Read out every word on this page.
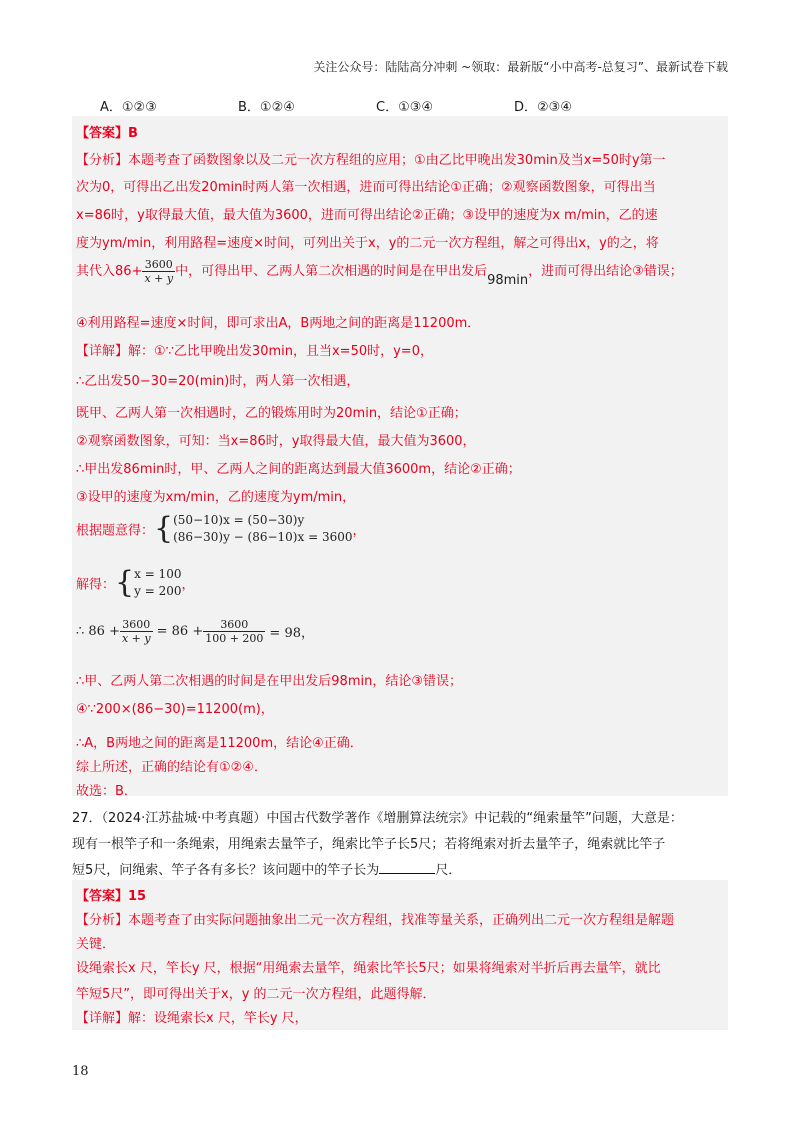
关注公众号：陆陆高分冲刺 ~领取：最新版“小中高考-总复习”、最新试卷下载
A．①②③	B．①②④	C．①③④	D．②③④
【答案】B
【分析】本题考查了函数图象以及二元一次方程组的应用；①由乙比甲晚出发30min及当x=50时y第一
次为0，可得出乙出发20min时两人第一次相遇，进而可得出结论①正确；②观察函数图象，可得出当
x=86时，y取得最大值，最大值为3600，进而可得出结论②正确；③设甲的速度为x m/min，乙的速
度为ym/min，利用路程=速度×时间，可列出关于x，y的二元一次方程组，解之可得出x，y的之，将
其代入$86+ \frac{3600}{x + y}$ 中，可得出甲、乙两人第二次相遇的时间是在甲出发后98min，进而可得出结论③错误；
④利用路程=速度×时间，即可求出A，B两地之间的距离是11200m．
【详解】解：①∵乙比甲晚出发30min，且当x=50时，y=0，
∴乙出发50−30=20(min)时，两人第一次相遇，
既甲、乙两人第一次相遇时，乙的锻炼用时为20min，结论①正确；
②观察函数图象，可知：当x=86时，y取得最大值，最大值为3600，
∴甲出发86min时，甲、乙两人之间的距离达到最大值3600m，结论②正确；
③设甲的速度为xm/min，乙的速度为ym/min，
根据题意得：{ (50−10)x = (50−30)y
(86−30)y − (86−10)x = 3600 ，
解得：{ x = 100
y = 200 ，
∴ $86 + \frac{3600}{x + y} = 86 + \frac{3600}{100 + 200} = 98$，
∴甲、乙两人第二次相遇的时间是在甲出发后98min，结论③错误；
④∵200×(86−30)=11200(m)，
∴A，B两地之间的距离是11200m，结论④正确．
综上所述，正确的结论有①②④．
故选：B．
27．（2024·江苏盐城·中考真题）中国古代数学著作《增删算法统宗》中记载的“绳索量竿”问题，大意是：
现有一根竿子和一条绳索，用绳索去量竿子，绳索比竿子长5尺；若将绳索对折去量竿子，绳索就比竿子
短5尺，问绳索、竿子各有多长？该问题中的竿子长为	尺．
【答案】15
【分析】本题考查了由实际问题抽象出二元一次方程组，找准等量关系，正确列出二元一次方程组是解题
关键．
设绳索长x 尺，竿长y 尺，根据“用绳索去量竿，绳索比竿长5尺；如果将绳索对半折后再去量竿，就比
竿短5尺”，即可得出关于x，y 的二元一次方程组，此题得解．
【详解】解：设绳索长x 尺，竿长y 尺，
18
